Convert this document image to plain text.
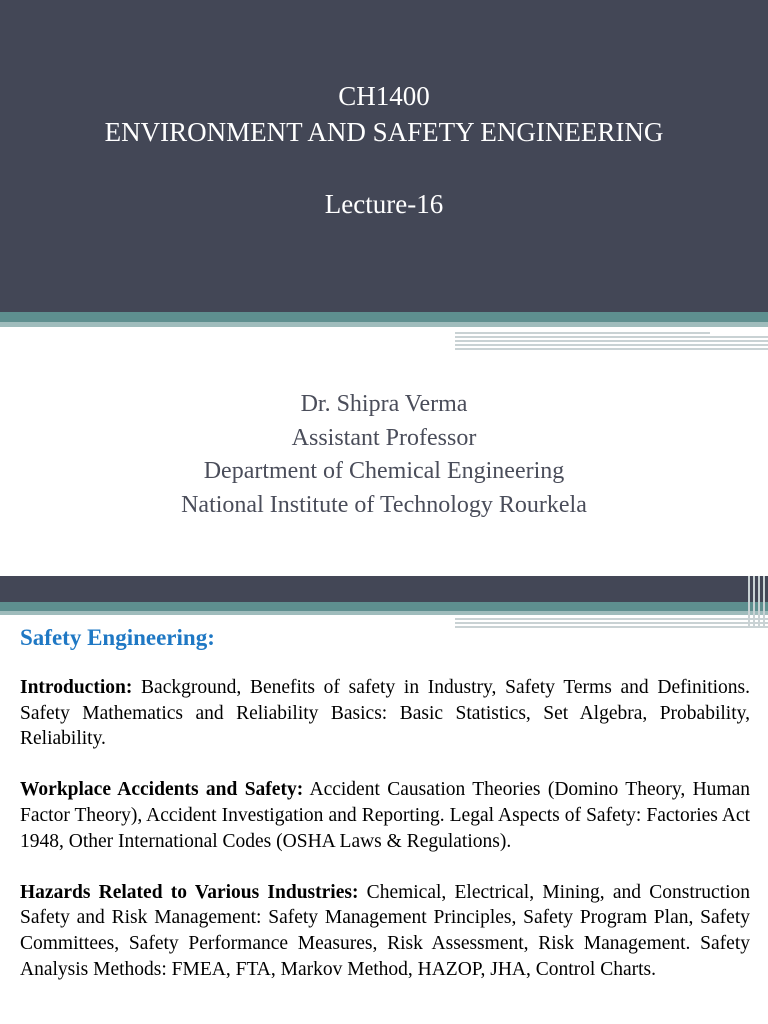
CH1400
ENVIRONMENT AND SAFETY ENGINEERING
Lecture-16
Dr. Shipra Verma
Assistant Professor
Department of Chemical Engineering
National Institute of Technology Rourkela
Safety Engineering:

Introduction: Background, Benefits of safety in Industry, Safety Terms and Definitions. Safety Mathematics and Reliability Basics: Basic Statistics, Set Algebra, Probability, Reliability.

Workplace Accidents and Safety: Accident Causation Theories (Domino Theory, Human Factor Theory), Accident Investigation and Reporting. Legal Aspects of Safety: Factories Act 1948, Other International Codes (OSHA Laws & Regulations).

Hazards Related to Various Industries: Chemical, Electrical, Mining, and Construction Safety and Risk Management: Safety Management Principles, Safety Program Plan, Safety Committees, Safety Performance Measures, Risk Assessment, Risk Management. Safety Analysis Methods: FMEA, FTA, Markov Method, HAZOP, JHA, Control Charts.
